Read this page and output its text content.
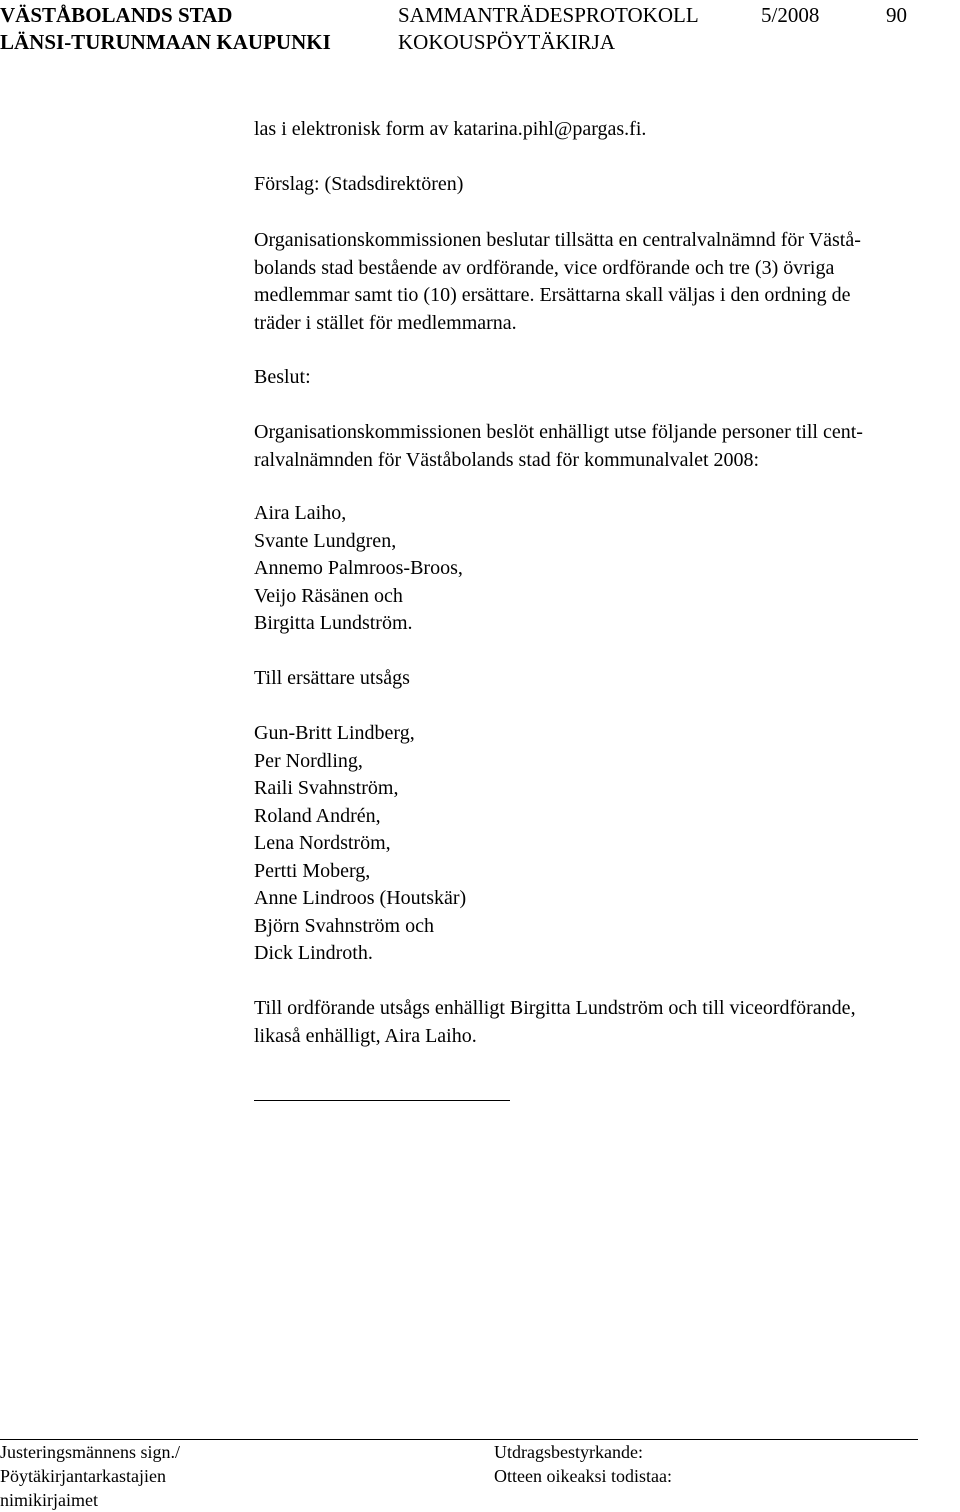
VÄSTÅBOLANDS STAD
LÄNSI-TURUNMAAN KAUPUNKI
SAMMANTRÄDESPROTOKOLL
KOKOUSPÖYTÄKIRJA
5/2008	90
las i elektronisk form av katarina.pihl@pargas.fi.
Förslag: (Stadsdirektören)
Organisationskommissionen beslutar tillsätta en centralvalnämnd för Västå-
bolands stad bestående av ordförande, vice ordförande och tre (3) övriga
medlemmar samt tio (10) ersättare. Ersättarna skall väljas i den ordning de
träder i stället för medlemmarna.
Beslut:
Organisationskommissionen beslöt enhälligt utse följande personer till cent-
ralvalnämnden för Väståbolands stad för kommunalvalet 2008:
Aira Laiho,
Svante Lundgren,
Annemo Palmroos-Broos,
Veijo Räsänen och
Birgitta Lundström.
Till ersättare utsågs
Gun-Britt Lindberg,
Per Nordling,
Raili Svahnström,
Roland Andrén,
Lena Nordström,
Pertti Moberg,
Anne Lindroos (Houtskär)
Björn Svahnström och
Dick Lindroth.
Till ordförande utsågs enhälligt Birgitta Lundström och till viceordförande,
likaså enhälligt, Aira Laiho.
Justeringsmännens sign./
Pöytäkirjantarkastajien
nimikirjaimet
Utdragsbestyrkande:
Otteen oikeaksi todistaa:
